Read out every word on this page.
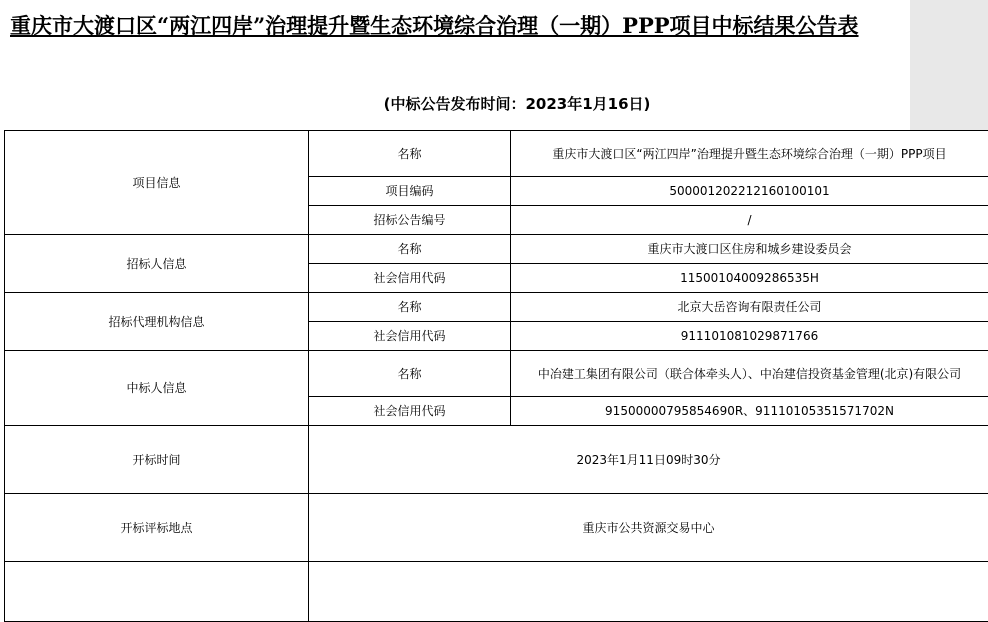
重庆市大渡口区“两江四岸”治理提升暨生态环境综合治理（一期）PPP项目中标结果公告表
(中标公告发布时间：2023年1月16日)
项目信息	名称	重庆市大渡口区“两江四岸”治理提升暨生态环境综合治理（一期）PPP项目
	项目编码	500001202212160100101
	招标公告编号	/
招标人信息	名称	重庆市大渡口区住房和城乡建设委员会
	社会信用代码	11500104009286535H
招标代理机构信息	名称	北京大岳咨询有限责任公司
	社会信用代码	911101081029871766
中标人信息	名称	中冶建工集团有限公司（联合体牵头人）、中冶建信投资基金管理(北京)有限公司
	社会信用代码	91500000795854690R、91110105351571702N
开标时间	2023年1月11日09时30分	
开标评标地点	重庆市公共资源交易中心	
